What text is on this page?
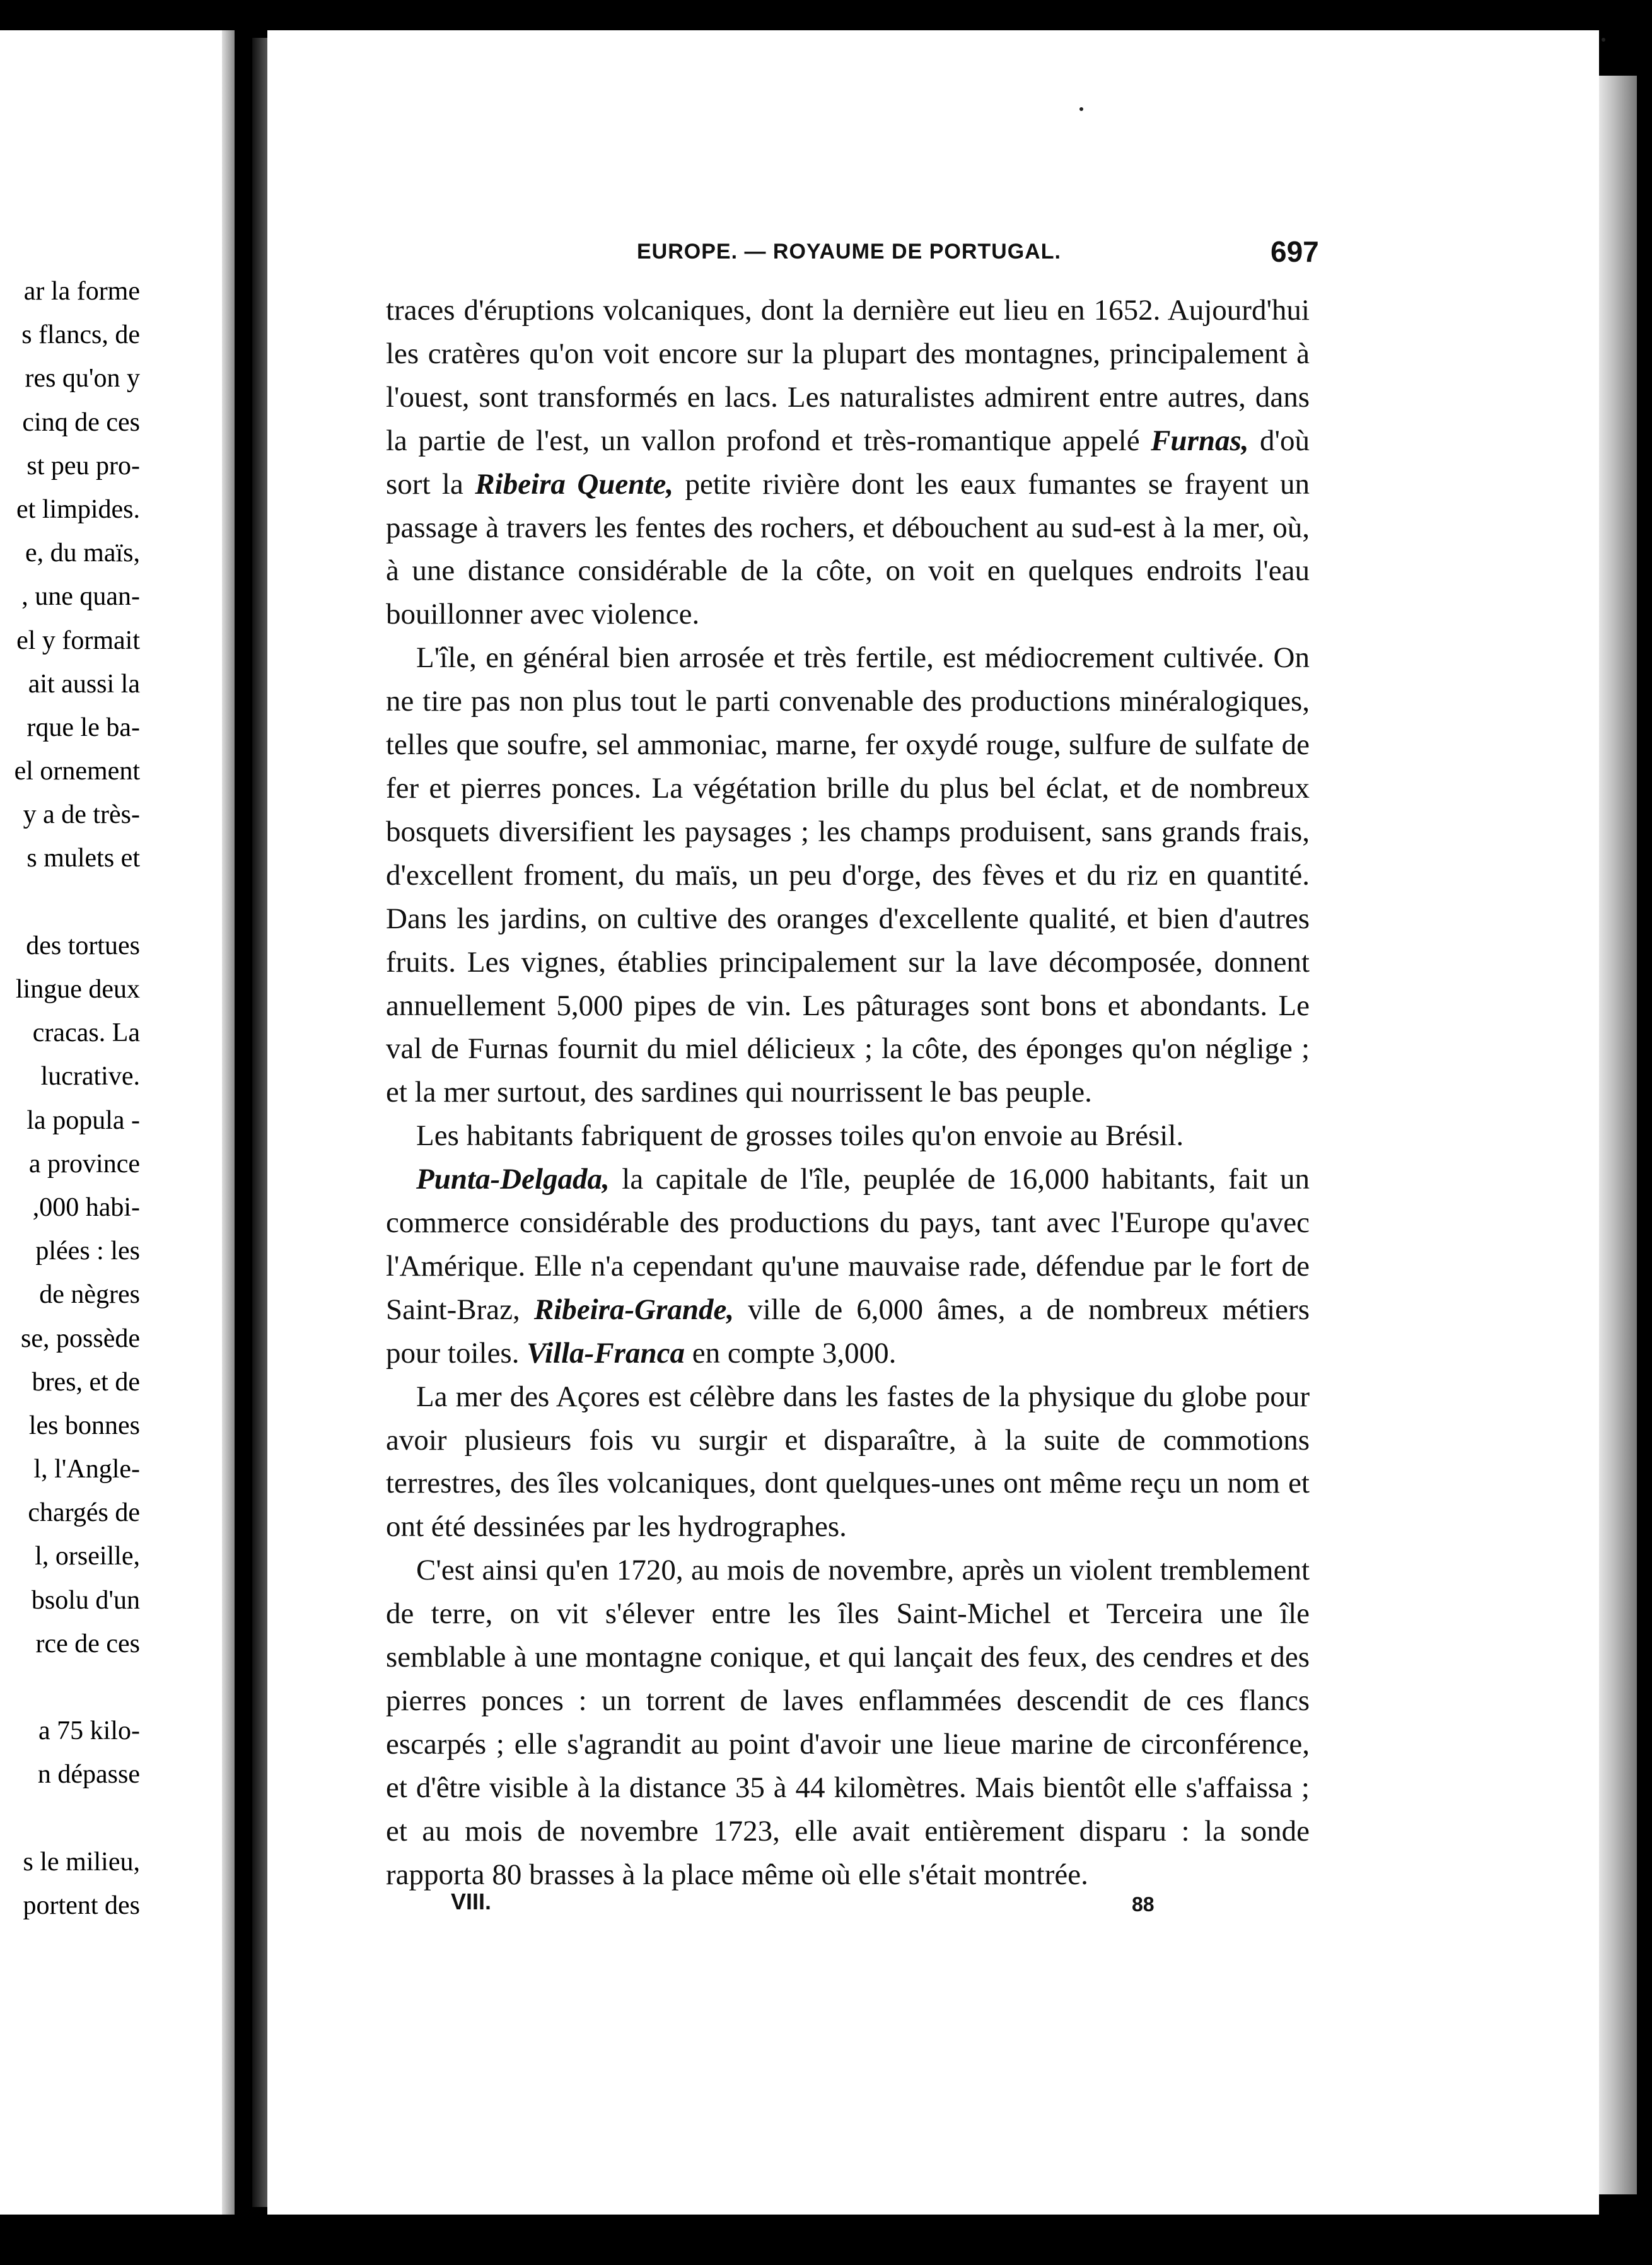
ar la forme
s flancs, de
res qu'on y
cinq de ces
st peu pro-
et limpides.
e, du maïs,
, une quan-
el y formait
ait aussi la
rque le ba-
el ornement
y a de très-
s mulets et
des tortues
lingue deux
cracas. La
lucrative.
la popula -
a province
,000 habi-
plées : les
de nègres
se, possède
bres, et de
les bonnes
l, l'Angle-
chargés de
l, orseille,
bsolu d'un
rce de ces
a 75 kilo-
n dépasse
s le milieu,
portent des
EUROPE. — ROYAUME DE PORTUGAL.	697

traces d'éruptions volcaniques, dont la dernière eut lieu en 1652. Aujourd'hui les cratères qu'on voit encore sur la plupart des montagnes, principalement à l'ouest, sont transformés en lacs. Les naturalistes admirent entre autres, dans la partie de l'est, un vallon profond et très-romantique appelé Furnas, d'où sort la Ribeira Quente, petite rivière dont les eaux fumantes se frayent un passage à travers les fentes des rochers, et débouchent au sud-est à la mer, où, à une distance considérable de la côte, on voit en quelques endroits l'eau bouillonner avec violence.

L'île, en général bien arrosée et très fertile, est médiocrement cultivée. On ne tire pas non plus tout le parti convenable des productions minéralogiques, telles que soufre, sel ammoniac, marne, fer oxydé rouge, sulfure de sulfate de fer et pierres ponces. La végétation brille du plus bel éclat, et de nombreux bosquets diversifient les paysages ; les champs produisent, sans grands frais, d'excellent froment, du maïs, un peu d'orge, des fèves et du riz en quantité. Dans les jardins, on cultive des oranges d'excellente qualité, et bien d'autres fruits. Les vignes, établies principalement sur la lave décomposée, donnent annuellement 5,000 pipes de vin. Les pâturages sont bons et abondants. Le val de Furnas fournit du miel délicieux ; la côte, des éponges qu'on néglige ; et la mer surtout, des sardines qui nourrissent le bas peuple.

Les habitants fabriquent de grosses toiles qu'on envoie au Brésil.

Punta-Delgada, la capitale de l'île, peuplée de 16,000 habitants, fait un commerce considérable des productions du pays, tant avec l'Europe qu'avec l'Amérique. Elle n'a cependant qu'une mauvaise rade, défendue par le fort de Saint-Braz, Ribeira-Grande, ville de 6,000 âmes, a de nombreux métiers pour toiles. Villa-Franca en compte 3,000.

La mer des Açores est célèbre dans les fastes de la physique du globe pour avoir plusieurs fois vu surgir et disparaître, à la suite de commotions terrestres, des îles volcaniques, dont quelques-unes ont même reçu un nom et ont été dessinées par les hydrographes.

C'est ainsi qu'en 1720, au mois de novembre, après un violent tremblement de terre, on vit s'élever entre les îles Saint-Michel et Terceira une île semblable à une montagne conique, et qui lançait des feux, des cendres et des pierres ponces : un torrent de laves enflammées descendit de ces flancs escarpés ; elle s'agrandit au point d'avoir une lieue marine de circonférence, et d'être visible à la distance 35 à 44 kilomètres. Mais bientôt elle s'affaissa ; et au mois de novembre 1723, elle avait entièrement disparu : la sonde rapporta 80 brasses à la place même où elle s'était montrée.

VIII.	88
